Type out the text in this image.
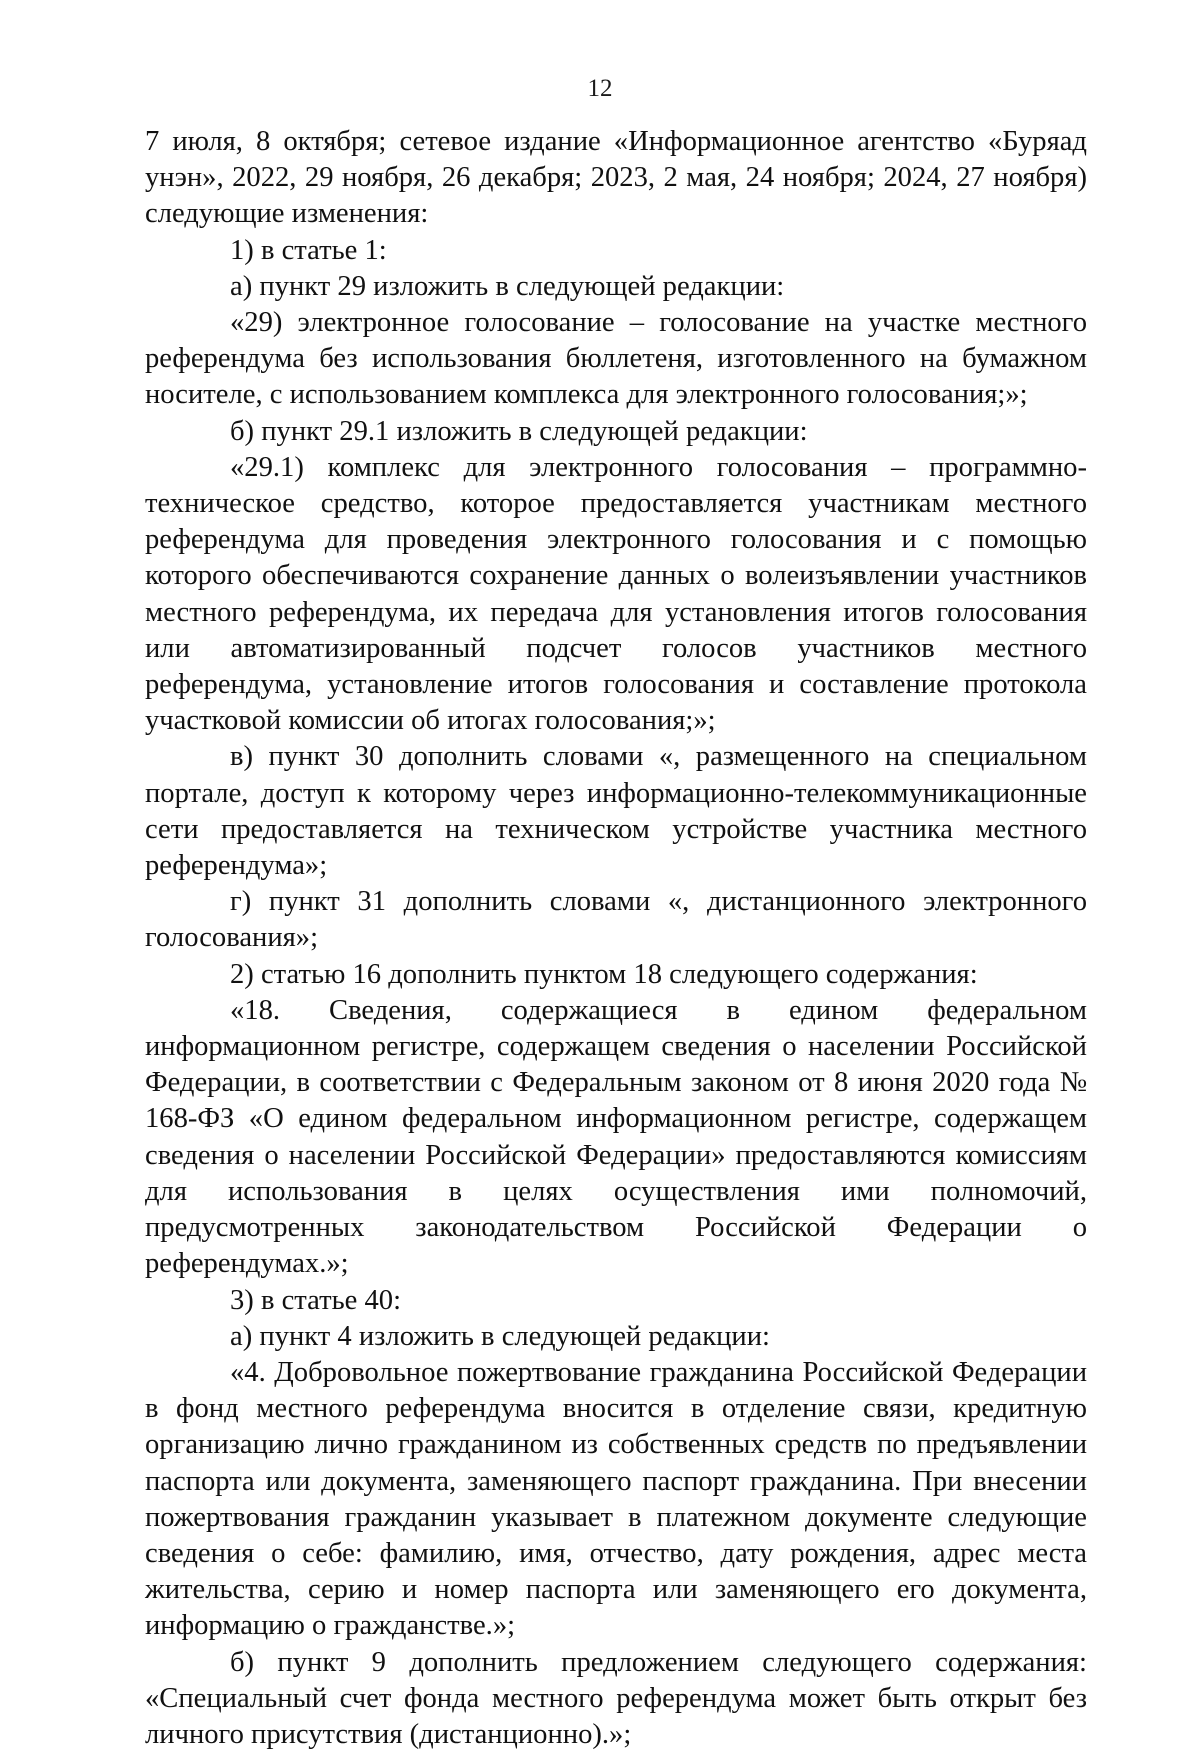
12

7 июля, 8 октября; сетевое издание «Информационное агентство «Буряад унэн», 2022, 29 ноября, 26 декабря; 2023, 2 мая, 24 ноября; 2024, 27 ноября) следующие изменения:

1) в статье 1:

а) пункт 29 изложить в следующей редакции:

«29) электронное голосование – голосование на участке местного референдума без использования бюллетеня, изготовленного на бумажном носителе, с использованием комплекса для электронного голосования;»;

б) пункт 29.1 изложить в следующей редакции:

«29.1) комплекс для электронного голосования – программно-техническое средство, которое предоставляется участникам местного референдума для проведения электронного голосования и с помощью которого обеспечиваются сохранение данных о волеизъявлении участников местного референдума, их передача для установления итогов голосования или автоматизированный подсчет голосов участников местного референдума, установление итогов голосования и составление протокола участковой комиссии об итогах голосования;»;

в) пункт 30 дополнить словами «, размещенного на специальном портале, доступ к которому через информационно-телекоммуникационные сети предоставляется на техническом устройстве участника местного референдума»;

г) пункт 31 дополнить словами «, дистанционного электронного голосования»;

2) статью 16 дополнить пунктом 18 следующего содержания:

«18. Сведения, содержащиеся в едином федеральном информационном регистре, содержащем сведения о населении Российской Федерации, в соответствии с Федеральным законом от 8 июня 2020 года № 168-ФЗ «О едином федеральном информационном регистре, содержащем сведения о населении Российской Федерации» предоставляются комиссиям для использования в целях осуществления ими полномочий, предусмотренных законодательством Российской Федерации о референдумах.»;

3) в статье 40:

а) пункт 4 изложить в следующей редакции:

«4. Добровольное пожертвование гражданина Российской Федерации в фонд местного референдума вносится в отделение связи, кредитную организацию лично гражданином из собственных средств по предъявлении паспорта или документа, заменяющего паспорт гражданина. При внесении пожертвования гражданин указывает в платежном документе следующие сведения о себе: фамилию, имя, отчество, дату рождения, адрес места жительства, серию и номер паспорта или заменяющего его документа, информацию о гражданстве.»;

б) пункт 9 дополнить предложением следующего содержания: «Специальный счет фонда местного референдума может быть открыт без личного присутствия (дистанционно).»;
